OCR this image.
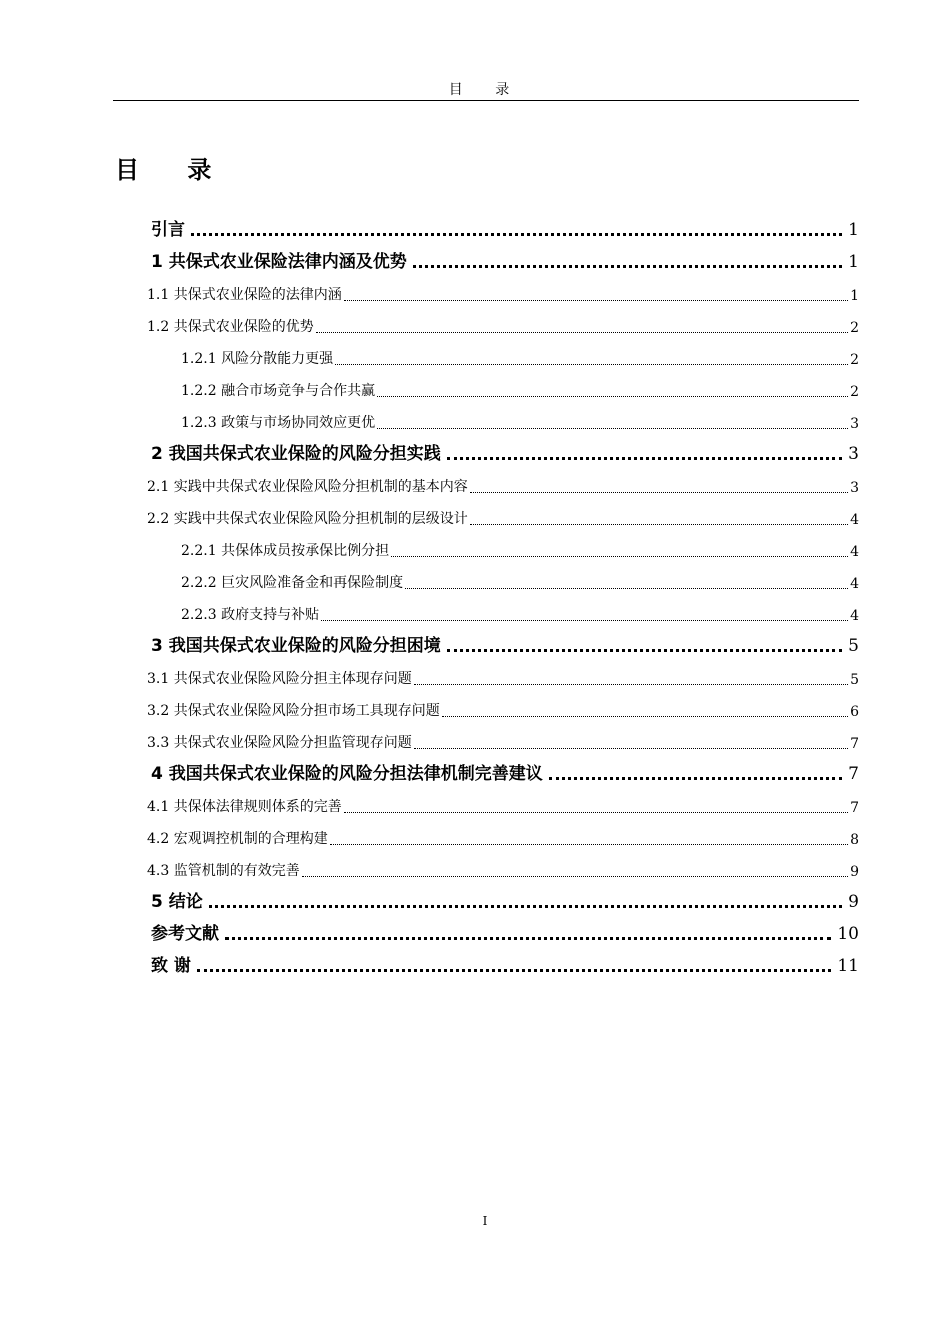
目 录
目 录
引言	1
1 共保式农业保险法律内涵及优势	1
1.1 共保式农业保险的法律内涵	1
1.2 共保式农业保险的优势	2
1.2.1 风险分散能力更强	2
1.2.2 融合市场竞争与合作共赢	2
1.2.3 政策与市场协同效应更优	3
2 我国共保式农业保险的风险分担实践	3
2.1 实践中共保式农业保险风险分担机制的基本内容	3
2.2 实践中共保式农业保险风险分担机制的层级设计	4
2.2.1 共保体成员按承保比例分担	4
2.2.2 巨灾风险准备金和再保险制度	4
2.2.3 政府支持与补贴	4
3 我国共保式农业保险的风险分担困境	5
3.1 共保式农业保险风险分担主体现存问题	5
3.2 共保式农业保险风险分担市场工具现存问题	6
3.3 共保式农业保险风险分担监管现存问题	7
4 我国共保式农业保险的风险分担法律机制完善建议	7
4.1 共保体法律规则体系的完善	7
4.2 宏观调控机制的合理构建	8
4.3 监管机制的有效完善	9
5 结论	9
参考文献	10
致 谢	11
I
